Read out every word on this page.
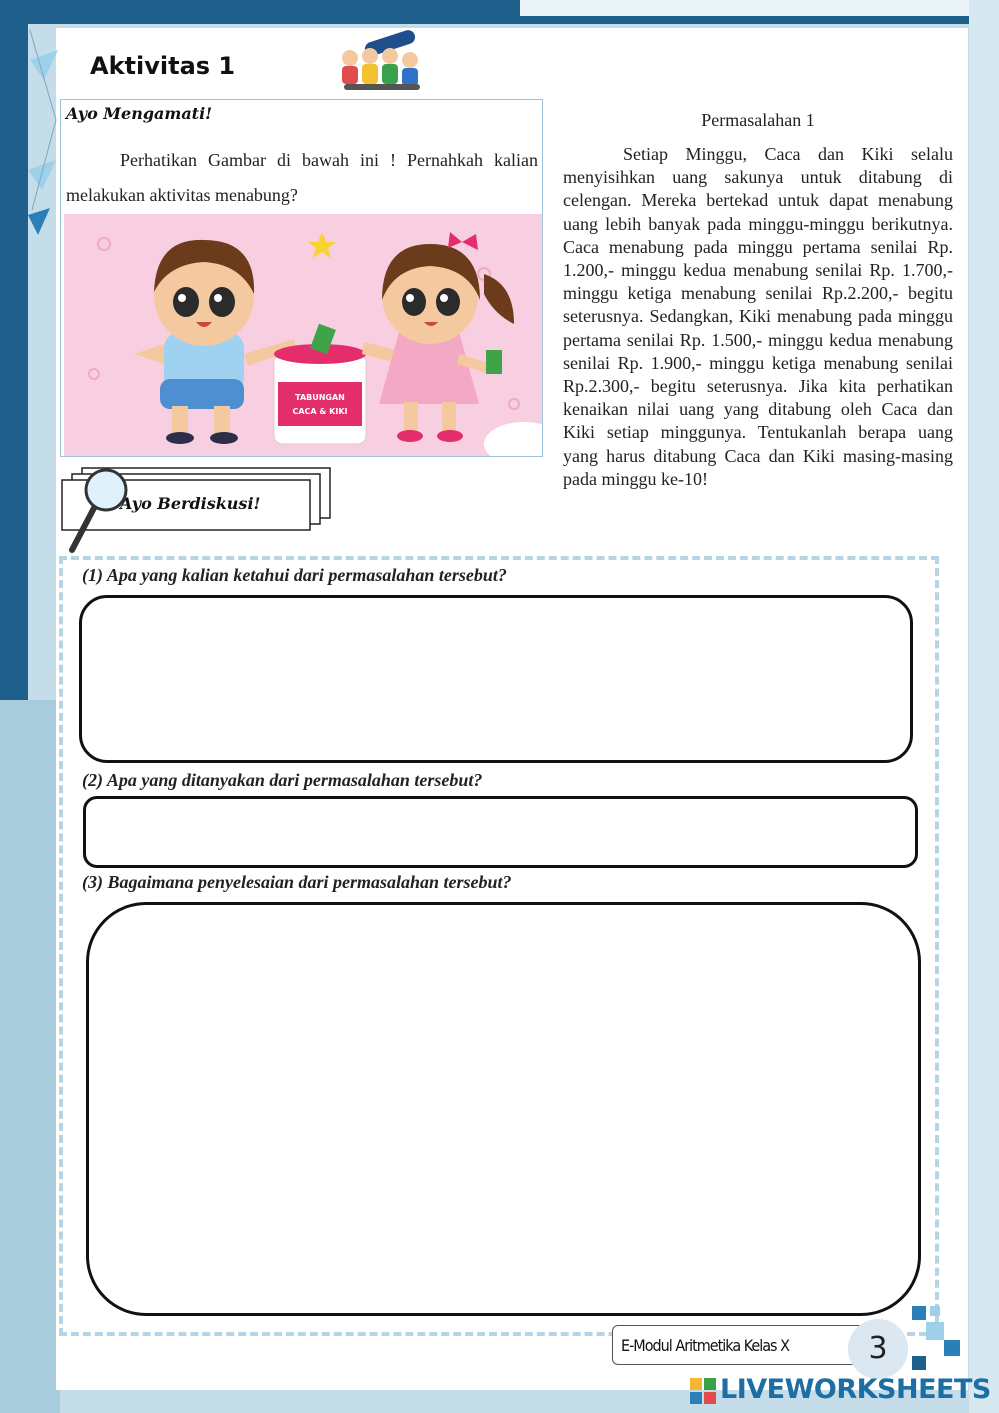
Aktivitas 1
Ayo Mengamati!
Perhatikan Gambar di bawah ini ! Pernahkah kalian melakukan aktivitas menabung?
TABUNGAN
CACA & KIKI
Permasalahan 1
Setiap Minggu, Caca dan Kiki selalu menyisihkan uang sakunya untuk ditabung di celengan. Mereka bertekad untuk dapat menabung uang lebih banyak pada minggu-minggu berikutnya. Caca menabung pada minggu pertama senilai Rp. 1.200,- minggu kedua menabung senilai Rp. 1.700,- minggu ketiga menabung senilai Rp.2.200,- begitu seterusnya. Sedangkan, Kiki menabung pada minggu pertama senilai Rp. 1.500,- minggu kedua menabung senilai Rp. 1.900,- minggu ketiga menabung senilai Rp.2.300,- begitu seterusnya. Jika kita perhatikan kenaikan nilai uang yang ditabung oleh Caca dan Kiki setiap minggunya. Tentukanlah berapa uang yang harus ditabung Caca dan Kiki masing-masing pada minggu ke-10!
Ayo Berdiskusi!
(1) Apa yang kalian ketahui dari permasalahan tersebut?
(2) Apa yang ditanyakan dari permasalahan tersebut?
(3) Bagaimana penyelesaian dari permasalahan tersebut?
E-Modul Aritmetika Kelas X	3
LIVEWORKSHEETS
